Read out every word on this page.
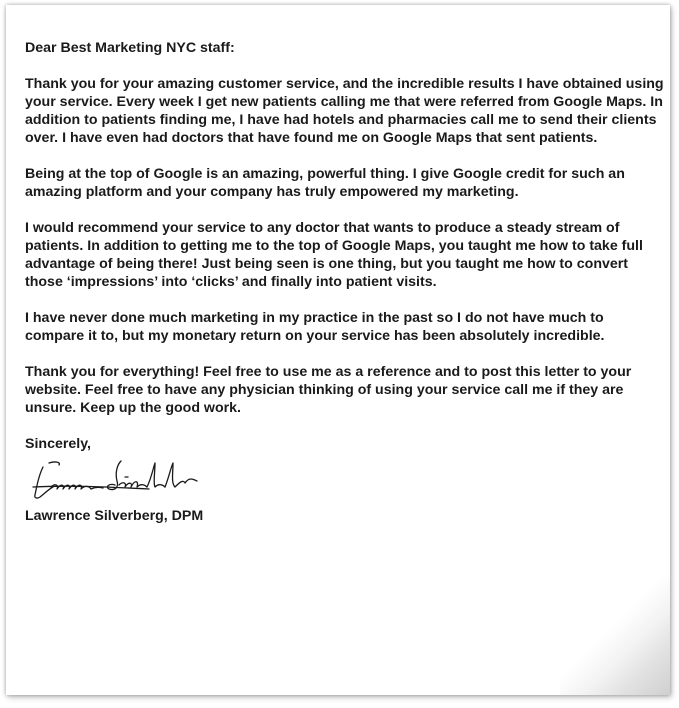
Dear Best Marketing NYC staff:

Thank you for your amazing customer service, and the incredible results I have obtained using your service. Every week I get new patients calling me that were referred from Google Maps. In addition to patients finding me, I have had hotels and pharmacies call me to send their clients over. I have even had doctors that have found me on Google Maps that sent patients.

Being at the top of Google is an amazing, powerful thing. I give Google credit for such an amazing platform and your company has truly empowered my marketing.

I would recommend your service to any doctor that wants to produce a steady stream of patients. In addition to getting me to the top of Google Maps, you taught me how to take full advantage of being there! Just being seen is one thing, but you taught me how to convert those ‘impressions’ into ‘clicks’ and finally into patient visits.

I have never done much marketing in my practice in the past so I do not have much to compare it to, but my monetary return on your service has been absolutely incredible.

Thank you for everything! Feel free to use me as a reference and to post this letter to your website. Feel free to have any physician thinking of using your service call me if they are unsure. Keep up the good work.

Sincerely,

Lawrence Silverberg, DPM
